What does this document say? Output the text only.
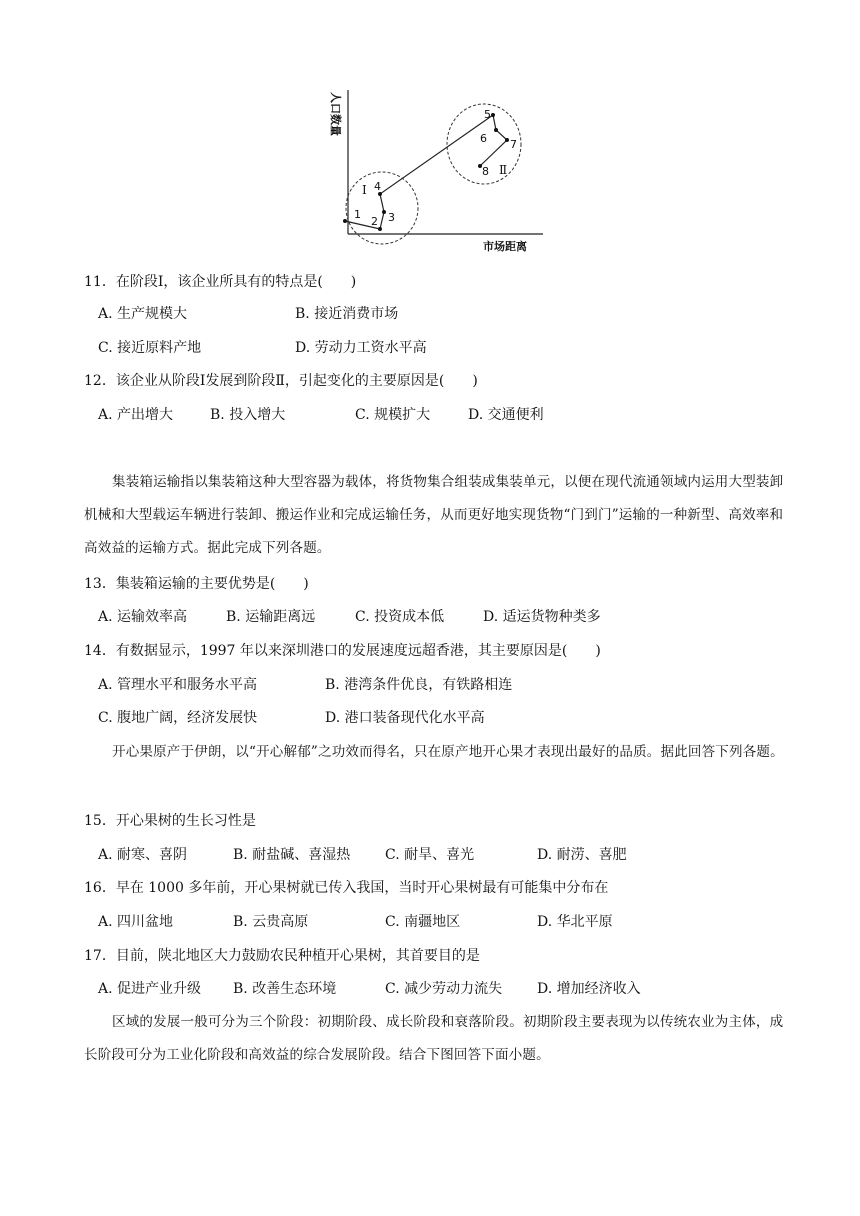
人口数量
市场距离
1
2 3
4
5
6 7
8
Ⅰ
Ⅱ
11．在阶段Ⅰ，该企业所具有的特点是(　　)
A. 生产规模大	B. 接近消费市场
C. 接近原料产地	D. 劳动力工资水平高
12．该企业从阶段Ⅰ发展到阶段Ⅱ，引起变化的主要原因是(　　)
A. 产出增大	B. 投入增大	C. 规模扩大	D. 交通便利
集装箱运输指以集装箱这种大型容器为载体，将货物集合组装成集装单元，以便在现代流通领域内运用大型装卸机械和大型载运车辆进行装卸、搬运作业和完成运输任务，从而更好地实现货物“门到门”运输的一种新型、高效率和高效益的运输方式。据此完成下列各题。
13．集装箱运输的主要优势是(　　)
A. 运输效率高	B. 运输距离远	C. 投资成本低	D. 适运货物种类多
14．有数据显示，1997 年以来深圳港口的发展速度远超香港，其主要原因是(　　)
A. 管理水平和服务水平高	B. 港湾条件优良，有铁路相连
C. 腹地广阔，经济发展快	D. 港口装备现代化水平高
开心果原产于伊朗，以“开心解郁”之功效而得名，只在原产地开心果才表现出最好的品质。据此回答下列各题。
15．开心果树的生长习性是
A. 耐寒、喜阴	B. 耐盐碱、喜湿热 C. 耐旱、喜光	D. 耐涝、喜肥
16．早在 1000 多年前，开心果树就已传入我国，当时开心果树最有可能集中分布在
A. 四川盆地	B. 云贵高原	C. 南疆地区	D. 华北平原
17．目前，陕北地区大力鼓励农民种植开心果树，其首要目的是
A. 促进产业升级 B. 改善生态环境	C. 减少劳动力流失 D. 增加经济收入
区域的发展一般可分为三个阶段：初期阶段、成长阶段和衰落阶段。初期阶段主要表现为以传统农业为主体，成长阶段可分为工业化阶段和高效益的综合发展阶段。结合下图回答下面小题。
